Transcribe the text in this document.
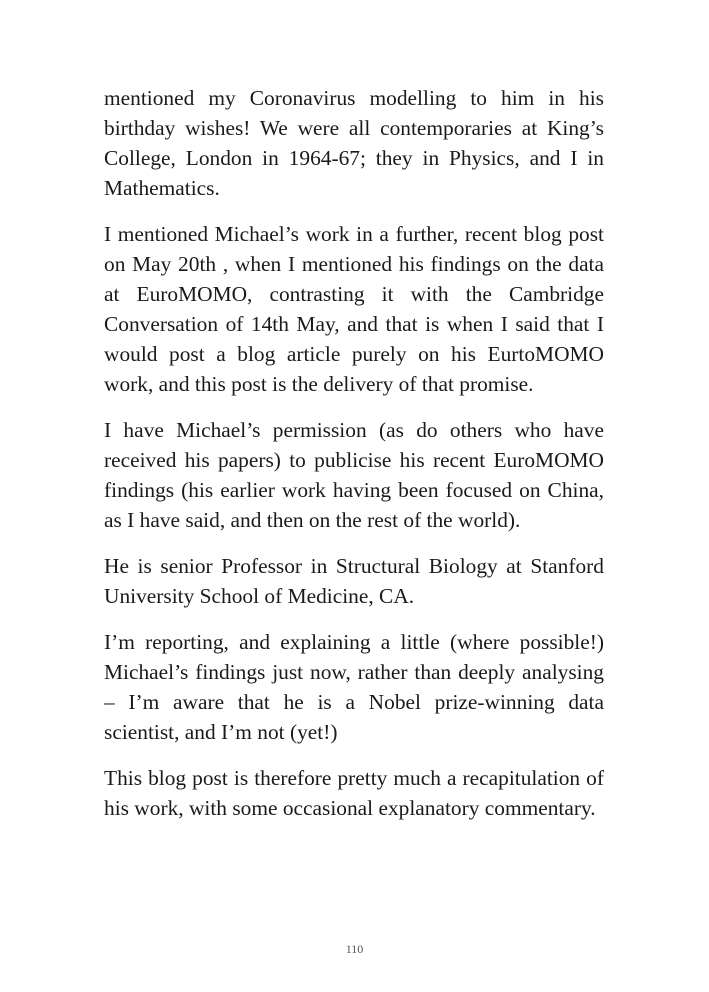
mentioned my Coronavirus modelling to him in his birthday wishes! We were all contemporaries at King’s College, London in 1964-67; they in Physics, and I in Mathematics.

I mentioned Michael’s work in a further, recent blog post on May 20th , when I mentioned his findings on the data at EuroMOMO, contrasting it with the Cambridge Conversation of 14th May, and that is when I said that I would post a blog article purely on his EurtoMOMO work, and this post is the delivery of that promise.

I have Michael’s permission (as do others who have received his papers) to publicise his recent EuroMOMO findings (his earlier work having been focused on China, as I have said, and then on the rest of the world).

He is senior Professor in Structural Biology at Stanford University School of Medicine, CA.

I’m reporting, and explaining a little (where possible!) Michael’s findings just now, rather than deeply analysing – I’m aware that he is a Nobel prize-winning data scientist, and I’m not (yet!)

This blog post is therefore pretty much a recapitulation of his work, with some occasional explanatory commentary.

110
